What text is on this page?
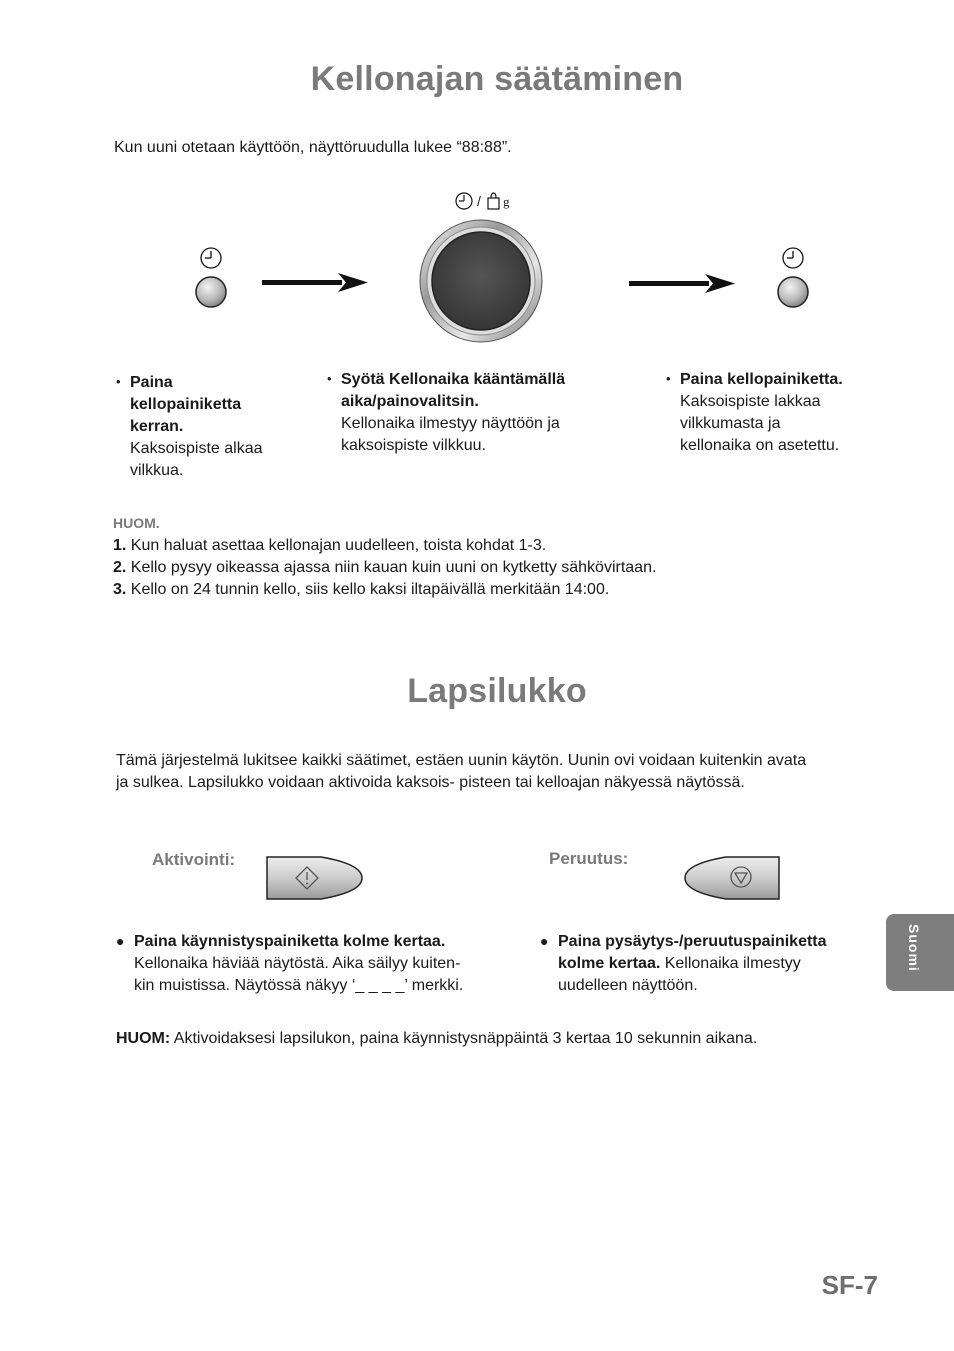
Kellonajan säätäminen
Kun uuni otetaan käyttöön, näyttöruudulla lukee “88:88”.
/ g
• Paina
kellopainiketta
kerran.
Kaksoispiste alkaa
vilkkua.
• Syötä Kellonaika kääntämällä
aika/painovalitsin.
Kellonaika ilmestyy näyttöön ja
kaksoispiste vilkkuu.
• Paina kellopainiketta.
Kaksoispiste lakkaa
vilkkumasta ja
kellonaika on asetettu.
HUOM.
1. Kun haluat asettaa kellonajan uudelleen, toista kohdat 1-3.
2. Kello pysyy oikeassa ajassa niin kauan kuin uuni on kytketty sähkövirtaan.
3. Kello on 24 tunnin kello, siis kello kaksi iltapäivällä merkitään 14:00.
Lapsilukko
Tämä järjestelmä lukitsee kaikki säätimet, estäen uunin käytön. Uunin ovi voidaan kuitenkin avata
ja sulkea. Lapsilukko voidaan aktivoida kaksois- pisteen tai kelloajan näkyessä näytössä.
Aktivointi:	Peruutus:
● Paina käynnistyspainiketta kolme kertaa.
Kellonaika häviää näytöstä. Aika säilyy kuiten-
kin muistissa. Näytössä näkyy ‘_ _ _ _’ merkki.
● Paina pysäytys-/peruutuspainiketta
kolme kertaa. Kellonaika ilmestyy
uudelleen näyttöön.
HUOM: Aktivoidaksesi lapsilukon, paina käynnistysnäppäintä 3 kertaa 10 sekunnin aikana.
Suomi
SF-7
